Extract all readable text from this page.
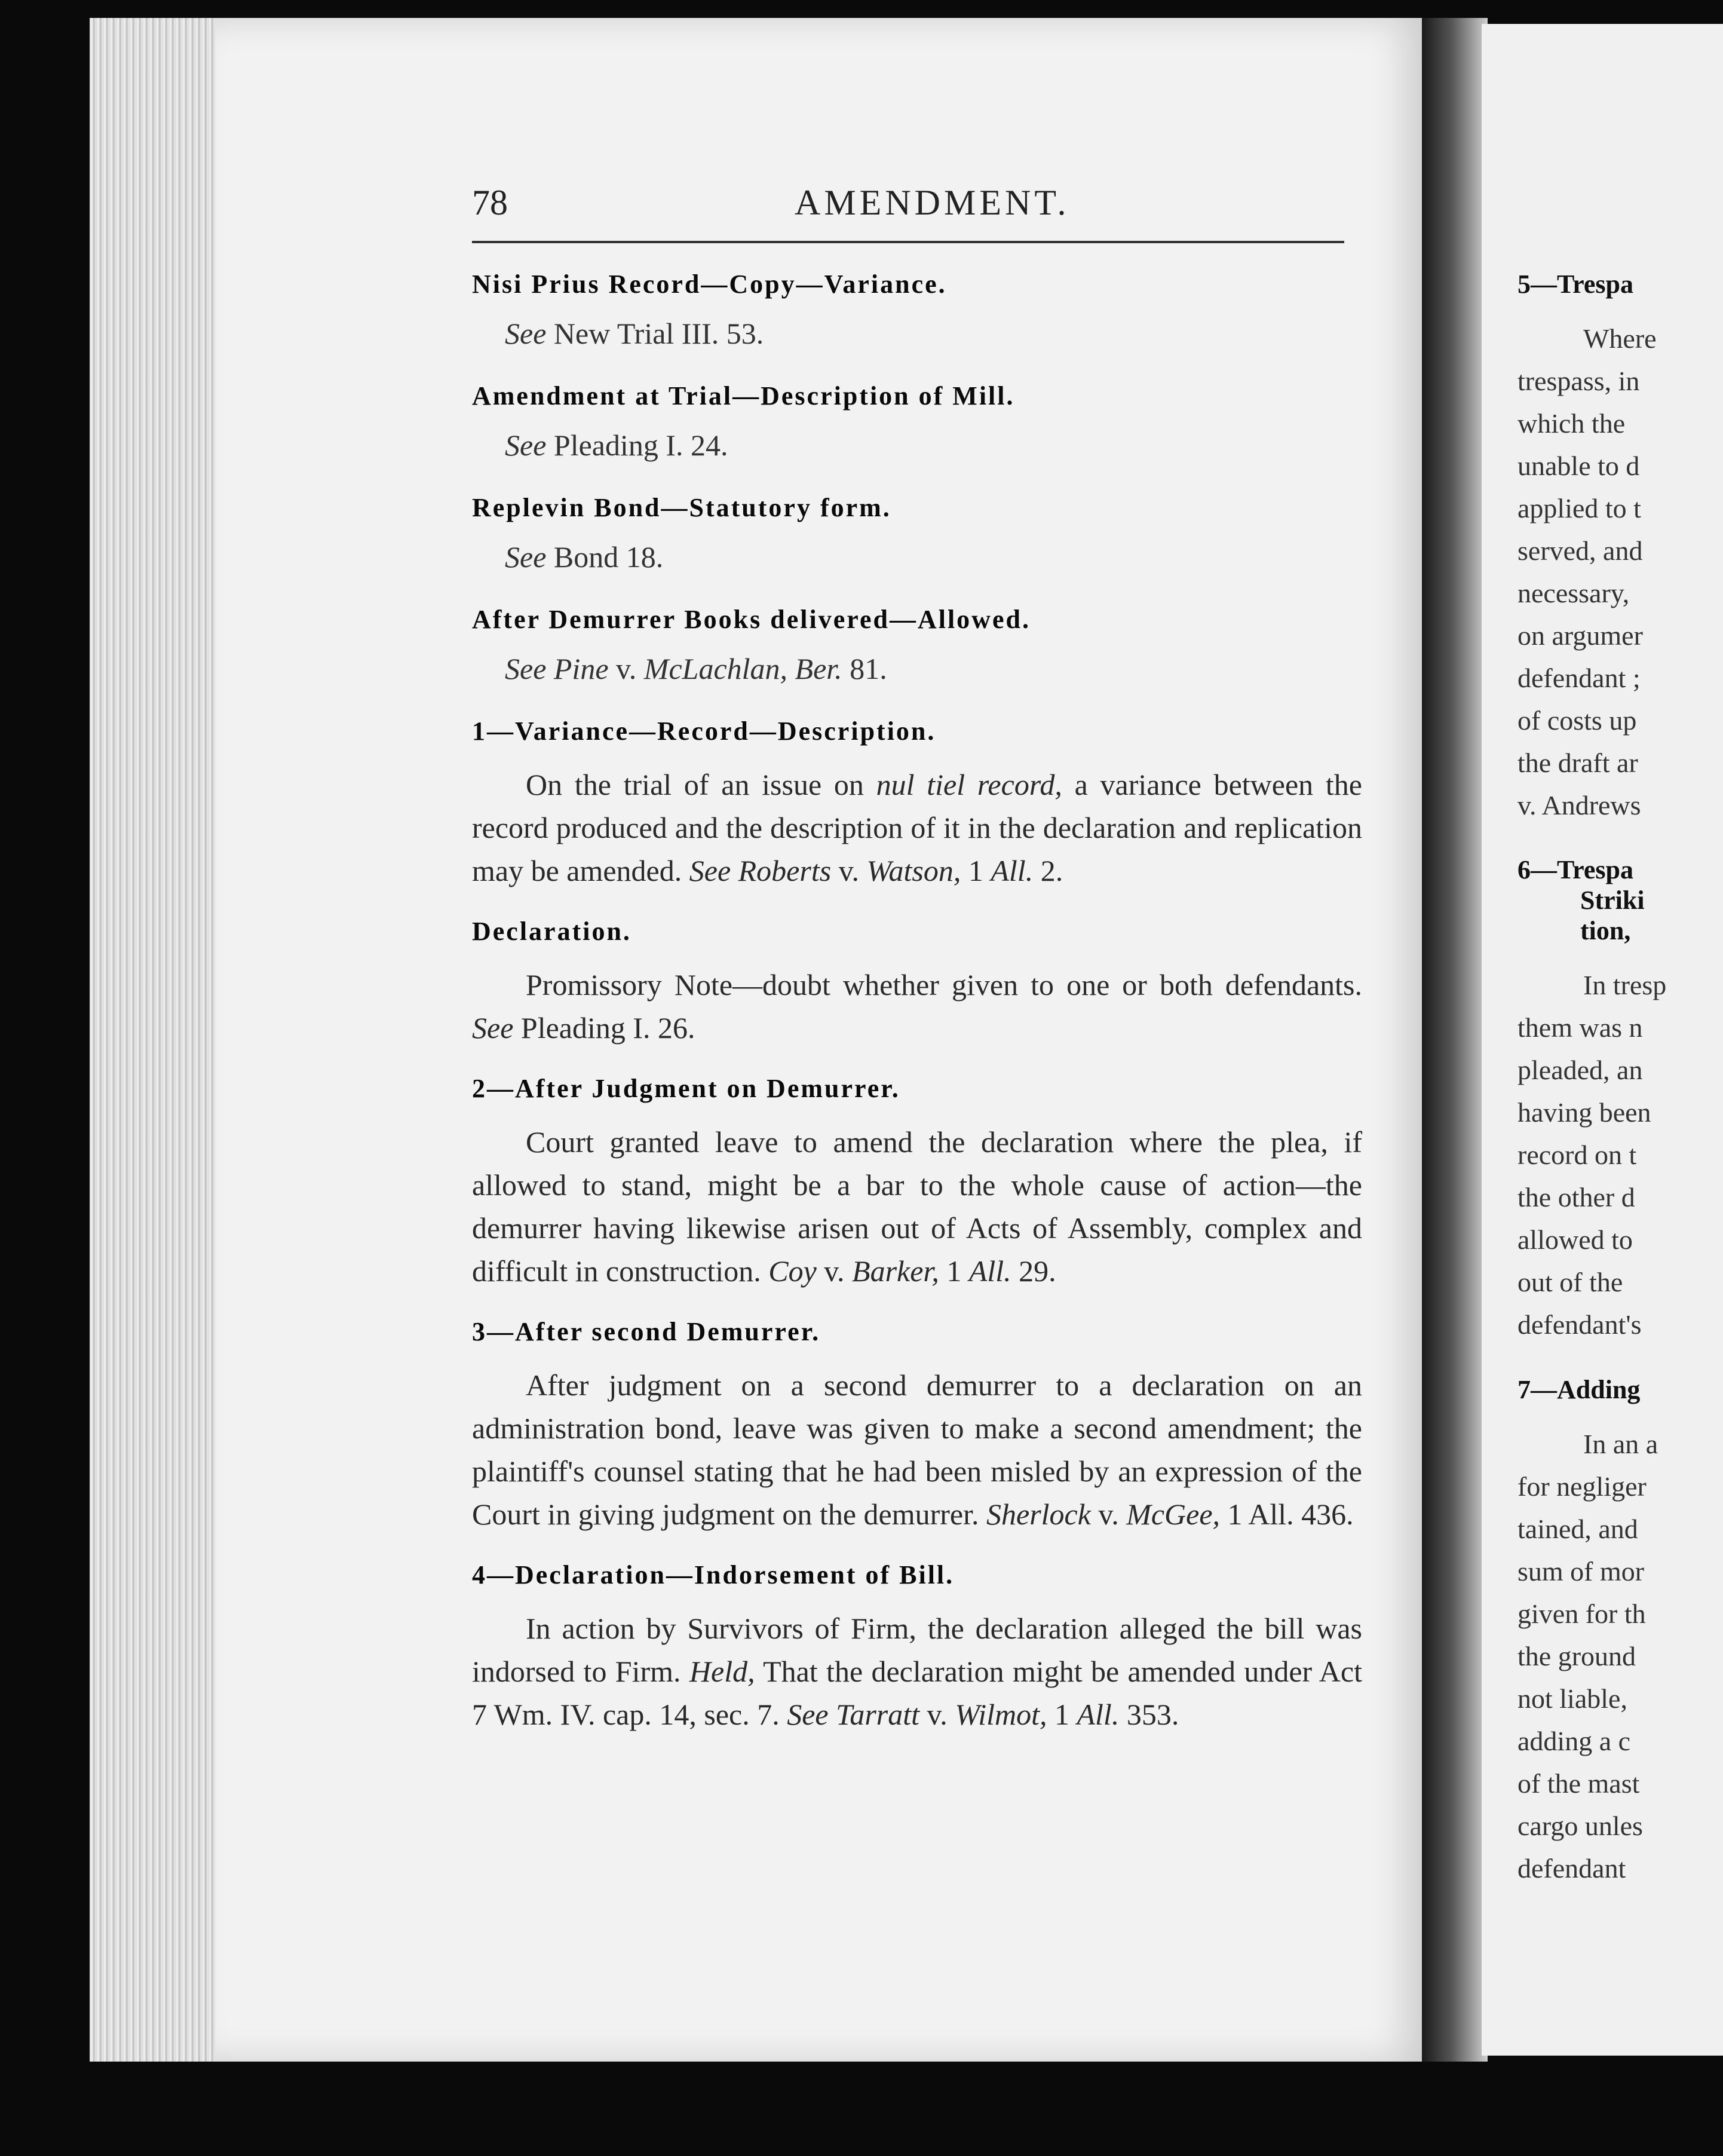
78	AMENDMENT.
Nisi Prius Record—Copy—Variance.
See New Trial III. 53.
Amendment at Trial—Description of Mill.
See Pleading I. 24.
Replevin Bond—Statutory form.
See Bond 18.
After Demurrer Books delivered—Allowed.
See Pine v. McLachlan, Ber. 81.
1—Variance—Record—Description.
On the trial of an issue on nul tiel record, a variance between the record produced and the description of it in the declaration and replication may be amended. See Roberts v. Watson, 1 All. 2.
Declaration.
Promissory Note—doubt whether given to one or both defendants. See Pleading I. 26.
2—After Judgment on Demurrer.
Court granted leave to amend the declaration where the plea, if allowed to stand, might be a bar to the whole cause of action—the demurrer having likewise arisen out of Acts of Assembly, complex and difficult in construction. Coy v. Barker, 1 All. 29.
3—After second Demurrer.
After judgment on a second demurrer to a declaration on an administration bond, leave was given to make a second amendment; the plaintiff's counsel stating that he had been misled by an expression of the Court in giving judgment on the demurrer. Sherlock v. McGee, 1 All. 436.
4—Declaration—Indorsement of Bill.
In action by Survivors of Firm, the declaration alleged the bill was indorsed to Firm. Held, That the declaration might be amended under Act 7 Wm. IV. cap. 14, sec. 7. See Tarratt v. Wilmot, 1 All. 353.
5—Trespa
Where
trespass, in
which the
unable to d
applied to t
served, and
necessary,
on argumer
defendant ;
of costs up
the draft ar
v. Andrews
6—Trespa
Striki
tion,
In tresp
them was n
pleaded, an
having been
record on t
the other d
allowed to
out of the
defendant's
7—Adding
In an a
for negliger
tained, and
sum of mor
given for th
the ground
not liable,
adding a c
of the mast
cargo unles
defendant
